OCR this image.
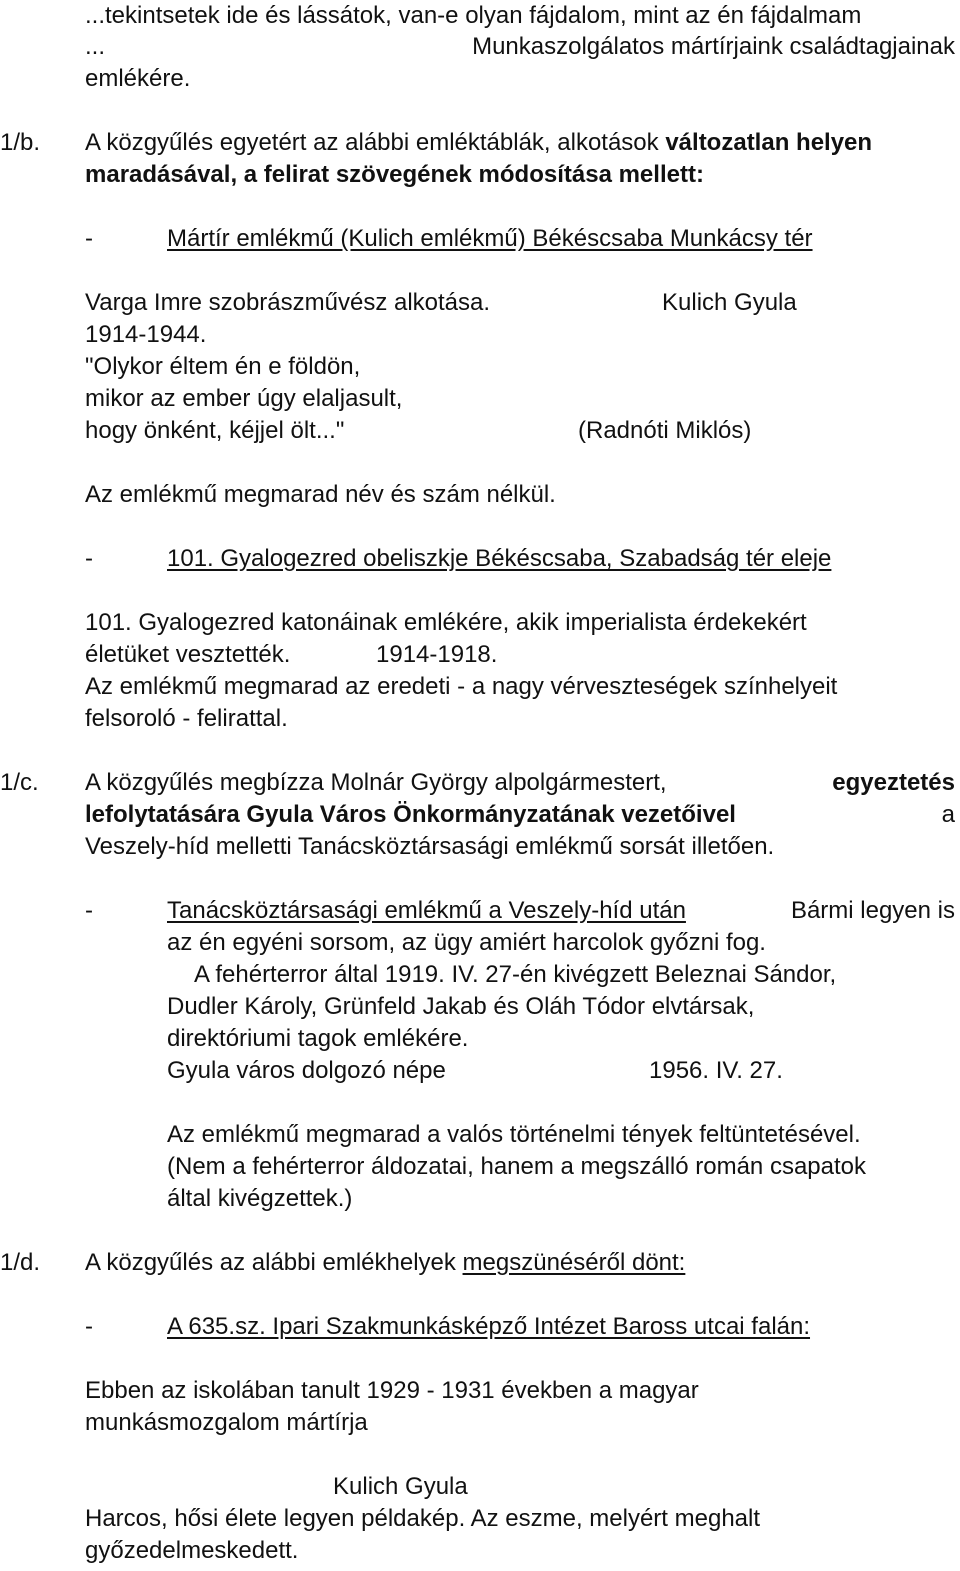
...tekintsetek ide és lássátok, van-e olyan fájdalom, mint az én fájdalmam
...	Munkaszolgálatos mártírjaink családtagjainak
emlékére.
1/b. A közgyűlés egyetért az alábbi emléktáblák, alkotások változatlan helyen
maradásával, a felirat szövegének módosítása mellett:
-	Mártír emlékmű (Kulich emlékmű) Békéscsaba Munkácsy tér
Varga Imre szobrászművész alkotása.	Kulich Gyula
1914-1944.
"Olykor éltem én e földön,
mikor az ember úgy elaljasult,
hogy önként, kéjjel ölt..."	(Radnóti Miklós)
Az emlékmű megmarad név és szám nélkül.
-	101. Gyalogezred obeliszkje Békéscsaba, Szabadság tér eleje
101. Gyalogezred katonáinak emlékére, akik imperialista érdekekért
életüket vesztették.	1914-1918.
Az emlékmű megmarad az eredeti - a nagy vérveszteségek színhelyeit
felsoroló - felirattal.
1/c. A közgyűlés megbízza Molnár György alpolgármestert,	egyeztetés
lefolytatására Gyula Város Önkormányzatának vezetőivel	a
Veszely-híd melletti Tanácsköztársasági emlékmű sorsát illetően.
-	Tanácsköztársasági emlékmű a Veszely-híd után	Bármi legyen is
az én egyéni sorsom, az ügy amiért harcolok győzni fog.
A fehérterror által 1919. IV. 27-én kivégzett Beleznai Sándor,
Dudler Károly, Grünfeld Jakab és Oláh Tódor elvtársak,
direktóriumi tagok emlékére.
Gyula város dolgozó népe	1956. IV. 27.
Az emlékmű megmarad a valós történelmi tények feltüntetésével.
(Nem a fehérterror áldozatai, hanem a megszálló román csapatok
által kivégzettek.)
1/d. A közgyűlés az alábbi emlékhelyek megszünéséről dönt:
-	A 635.sz. Ipari Szakmunkásképző Intézet Baross utcai falán:
Ebben az iskolában tanult 1929 - 1931 években a magyar
munkásmozgalom mártírja
Kulich Gyula
Harcos, hősi élete legyen példakép. Az eszme, melyért meghalt
győzedelmeskedett.
